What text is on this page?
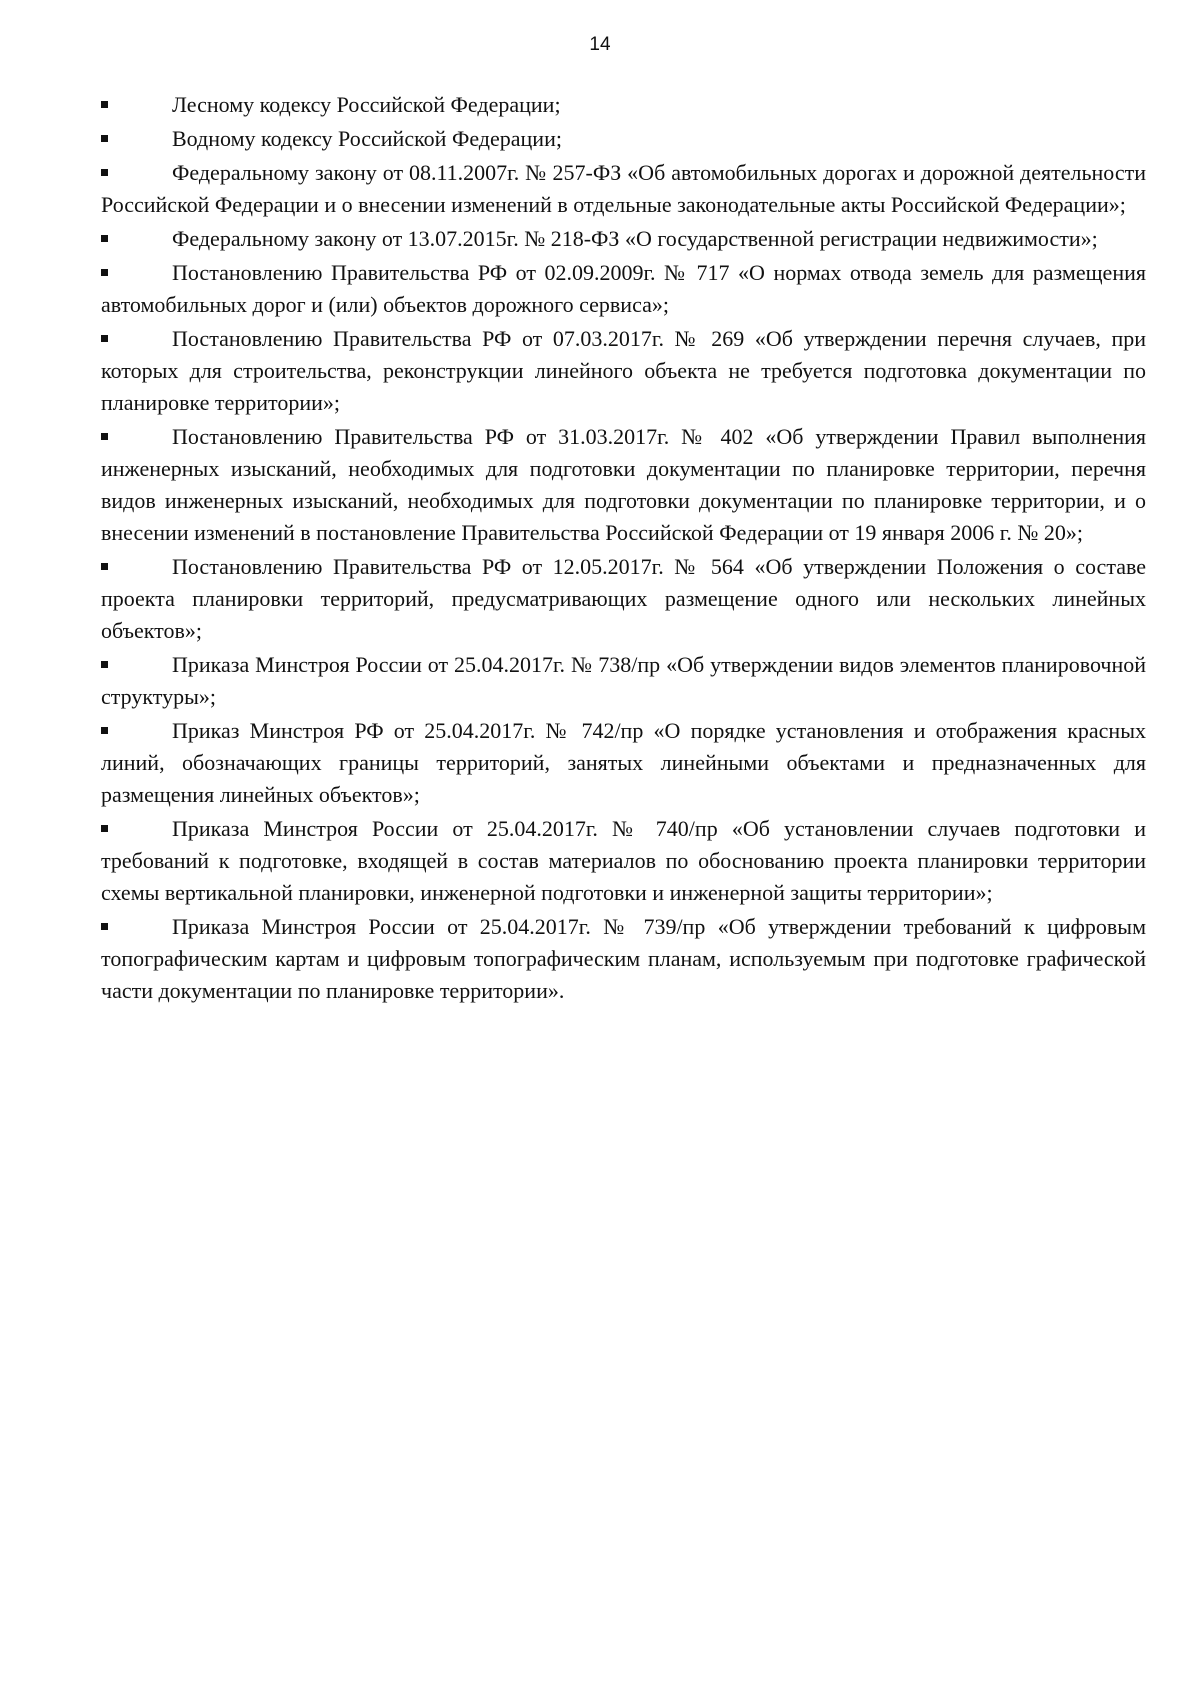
14
Лесному кодексу Российской Федерации;
Водному кодексу Российской Федерации;
Федеральному закону от 08.11.2007г. № 257-ФЗ «Об автомобильных дорогах и дорожной деятельности Российской Федерации и о внесении изменений в отдельные законодательные акты Российской Федерации»;
Федеральному закону от 13.07.2015г. № 218-ФЗ «О государственной регистрации недвижимости»;
Постановлению Правительства РФ от 02.09.2009г. № 717 «О нормах отвода земель для размещения автомобильных дорог и (или) объектов дорожного сервиса»;
Постановлению Правительства РФ от 07.03.2017г. № 269 «Об утверждении перечня случаев, при которых для строительства, реконструкции линейного объекта не требуется подготовка документации по планировке территории»;
Постановлению Правительства РФ от 31.03.2017г. № 402 «Об утверждении Правил выполнения инженерных изысканий, необходимых для подготовки документации по планировке территории, перечня видов инженерных изысканий, необходимых для подготовки документации по планировке территории, и о внесении изменений в постановление Правительства Российской Федерации от 19 января 2006 г. № 20»;
Постановлению Правительства РФ от 12.05.2017г. № 564 «Об утверждении Положения о составе проекта планировки территорий, предусматривающих размещение одного или нескольких линейных объектов»;
Приказа Минстроя России от 25.04.2017г. № 738/пр «Об утверждении видов элементов планировочной структуры»;
Приказ Минстроя РФ от 25.04.2017г. № 742/пр «О порядке установления и отображения красных линий, обозначающих границы территорий, занятых линейными объектами и предназначенных для размещения линейных объектов»;
Приказа Минстроя России от 25.04.2017г. № 740/пр «Об установлении случаев подготовки и требований к подготовке, входящей в состав материалов по обоснованию проекта планировки территории схемы вертикальной планировки, инженерной подготовки и инженерной защиты территории»;
Приказа Минстроя России от 25.04.2017г. № 739/пр «Об утверждении требований к цифровым топографическим картам и цифровым топографическим планам, используемым при подготовке графической части документации по планировке территории».
